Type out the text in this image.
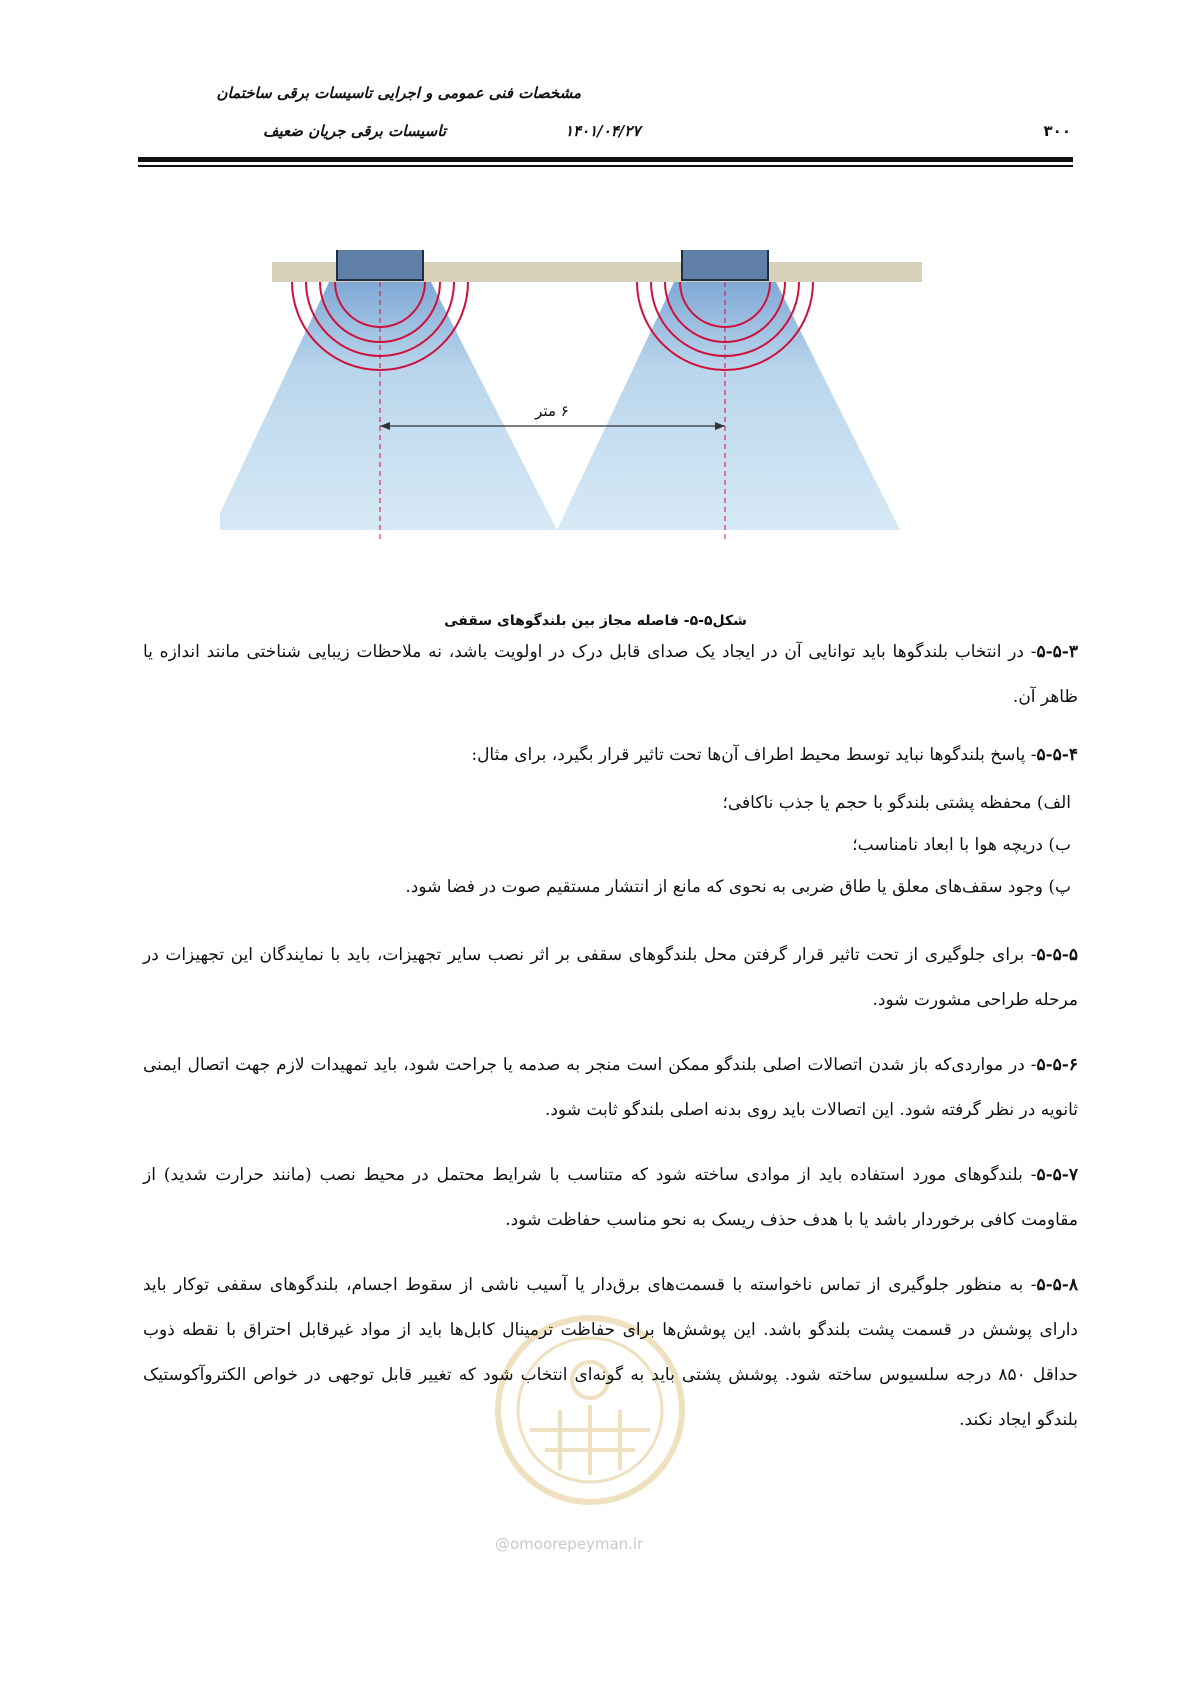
مشخصات فنی عمومی و اجرایی تاسیسات برقی ساختمان
تاسیسات برقی جریان ضعیف	۱۴۰۱/۰۴/۲۷	۳۰۰
۶ متر
شکل۵-۵- فاصله مجاز بین بلندگوهای سقفی
۵-۵-۳- در انتخاب بلندگوها باید توانایی آن در ایجاد یک صدای قابل درک در اولویت باشد، نه ملاحظات زیبایی شناختی مانند اندازه یا ظاهر آن.
۵-۵-۴- پاسخ بلندگوها نباید توسط محیط اطراف آن‌ها تحت تاثیر قرار بگیرد، برای مثال:
الف) محفظه پشتی بلندگو با حجم یا جذب ناکافی؛
ب) دریچه هوا با ابعاد نامناسب؛
پ) وجود سقف‌های معلق یا طاق ضربی به نحوی که مانع از انتشار مستقیم صوت در فضا شود.
۵-۵-۵- برای جلوگیری از تحت تاثیر قرار گرفتن محل بلندگوهای سقفی بر اثر نصب سایر تجهیزات، باید با نمایندگان این تجهیزات در مرحله طراحی مشورت شود.
۵-۵-۶- در مواردی‌که باز شدن اتصالات اصلی بلندگو ممکن است منجر به صدمه یا جراحت شود، باید تمهیدات لازم جهت اتصال ایمنی ثانویه در نظر گرفته شود. این اتصالات باید روی بدنه اصلی بلندگو ثابت شود.
۵-۵-۷- بلندگوهای مورد استفاده باید از موادی ساخته شود که متناسب با شرایط محتمل در محیط نصب (مانند حرارت شدید) از مقاومت کافی برخوردار باشد یا با هدف حذف ریسک به نحو مناسب حفاظت شود.
۵-۵-۸- به منظور جلوگیری از تماس ناخواسته با قسمت‌های برق‌دار یا آسیب ناشی از سقوط اجسام، بلندگوهای سقفی توکار باید دارای پوشش در قسمت پشت بلندگو باشد. این پوشش‌ها برای حفاظت ترمینال کابل‌ها باید از مواد غیرقابل احتراق با نقطه ذوب حداقل ۸۵۰ درجه سلسیوس ساخته شود. پوشش پشتی باید به گونه‌ای انتخاب شود که تغییر قابل توجهی در خواص الکتروآکوستیک بلندگو ایجاد نکند.
@omoorepeyman.ir
